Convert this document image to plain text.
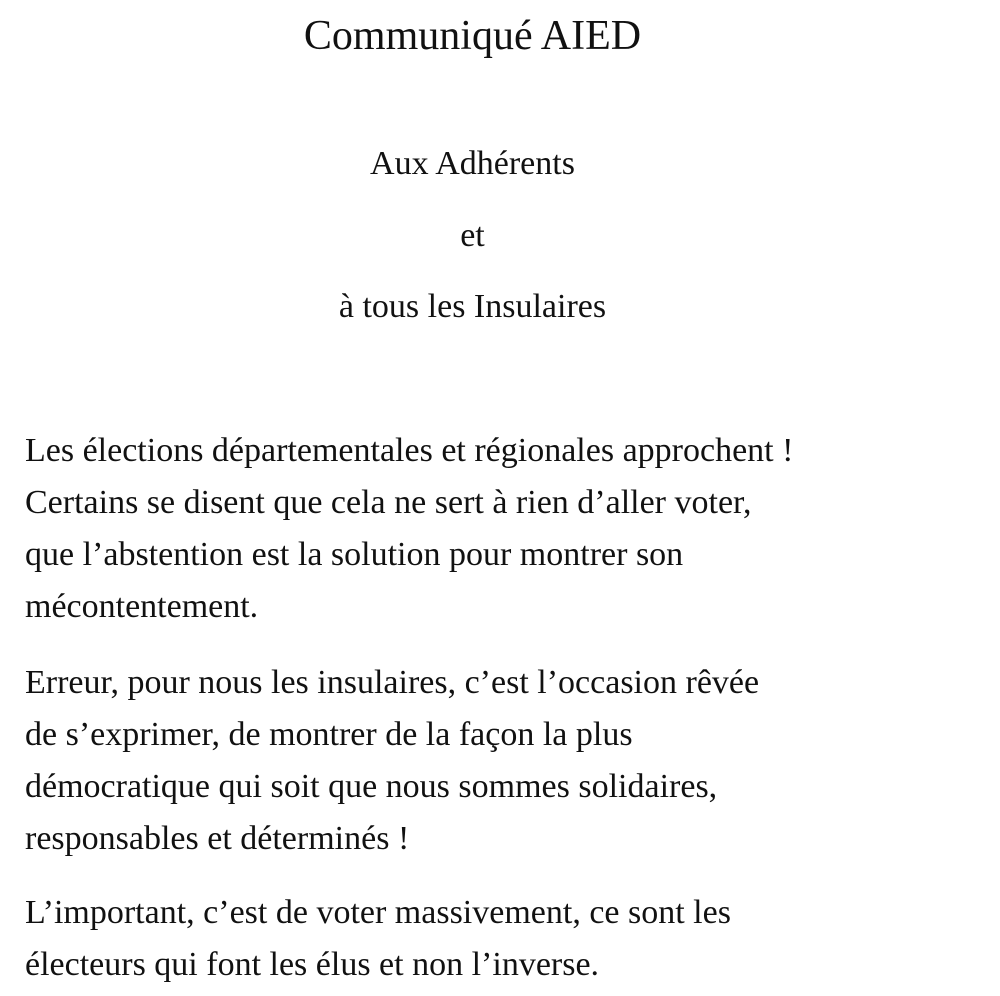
Communiqué AIED

Aux Adhérents

et

à tous les Insulaires

Les élections départementales et régionales approchent !
Certains se disent que cela ne sert à rien d’aller voter,
que l’abstention est la solution pour montrer son
mécontentement.

Erreur, pour nous les insulaires, c’est l’occasion rêvée
de s’exprimer, de montrer de la façon la plus
démocratique qui soit que nous sommes solidaires,
responsables et déterminés !

L’important, c’est de voter massivement, ce sont les
électeurs qui font les élus et non l’inverse.
